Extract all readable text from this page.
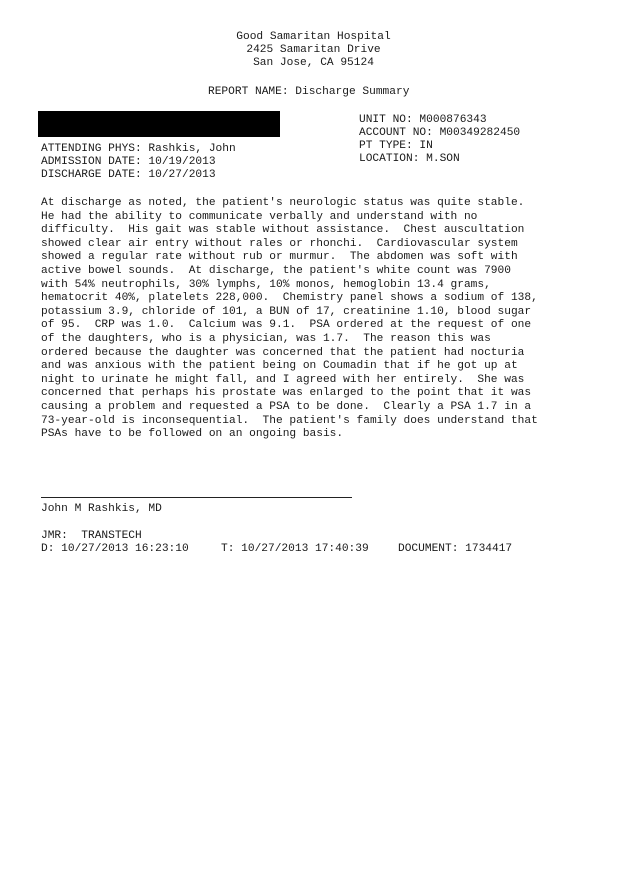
Good Samaritan Hospital
2425 Samaritan Drive
San Jose, CA 95124
REPORT NAME: Discharge Summary
ATTENDING PHYS: Rashkis, John
ADMISSION DATE: 10/19/2013
DISCHARGE DATE: 10/27/2013
UNIT NO: M000876343
ACCOUNT NO: M00349282450
PT TYPE: IN
LOCATION: M.SON
At discharge as noted, the patient's neurologic status was quite stable.
He had the ability to communicate verbally and understand with no
difficulty.  His gait was stable without assistance.  Chest auscultation
showed clear air entry without rales or rhonchi.  Cardiovascular system
showed a regular rate without rub or murmur.  The abdomen was soft with
active bowel sounds.  At discharge, the patient's white count was 7900
with 54% neutrophils, 30% lymphs, 10% monos, hemoglobin 13.4 grams,
hematocrit 40%, platelets 228,000.  Chemistry panel shows a sodium of 138,
potassium 3.9, chloride of 101, a BUN of 17, creatinine 1.10, blood sugar
of 95.  CRP was 1.0.  Calcium was 9.1.  PSA ordered at the request of one
of the daughters, who is a physician, was 1.7.  The reason this was
ordered because the daughter was concerned that the patient had nocturia
and was anxious with the patient being on Coumadin that if he got up at
night to urinate he might fall, and I agreed with her entirely.  She was
concerned that perhaps his prostate was enlarged to the point that it was
causing a problem and requested a PSA to be done.  Clearly a PSA 1.7 in a
73-year-old is inconsequential.  The patient's family does understand that
PSAs have to be followed on an ongoing basis.
John M Rashkis, MD
JMR:  TRANSTECH
D: 10/27/2013 16:23:10	T: 10/27/2013 17:40:39	DOCUMENT: 1734417
